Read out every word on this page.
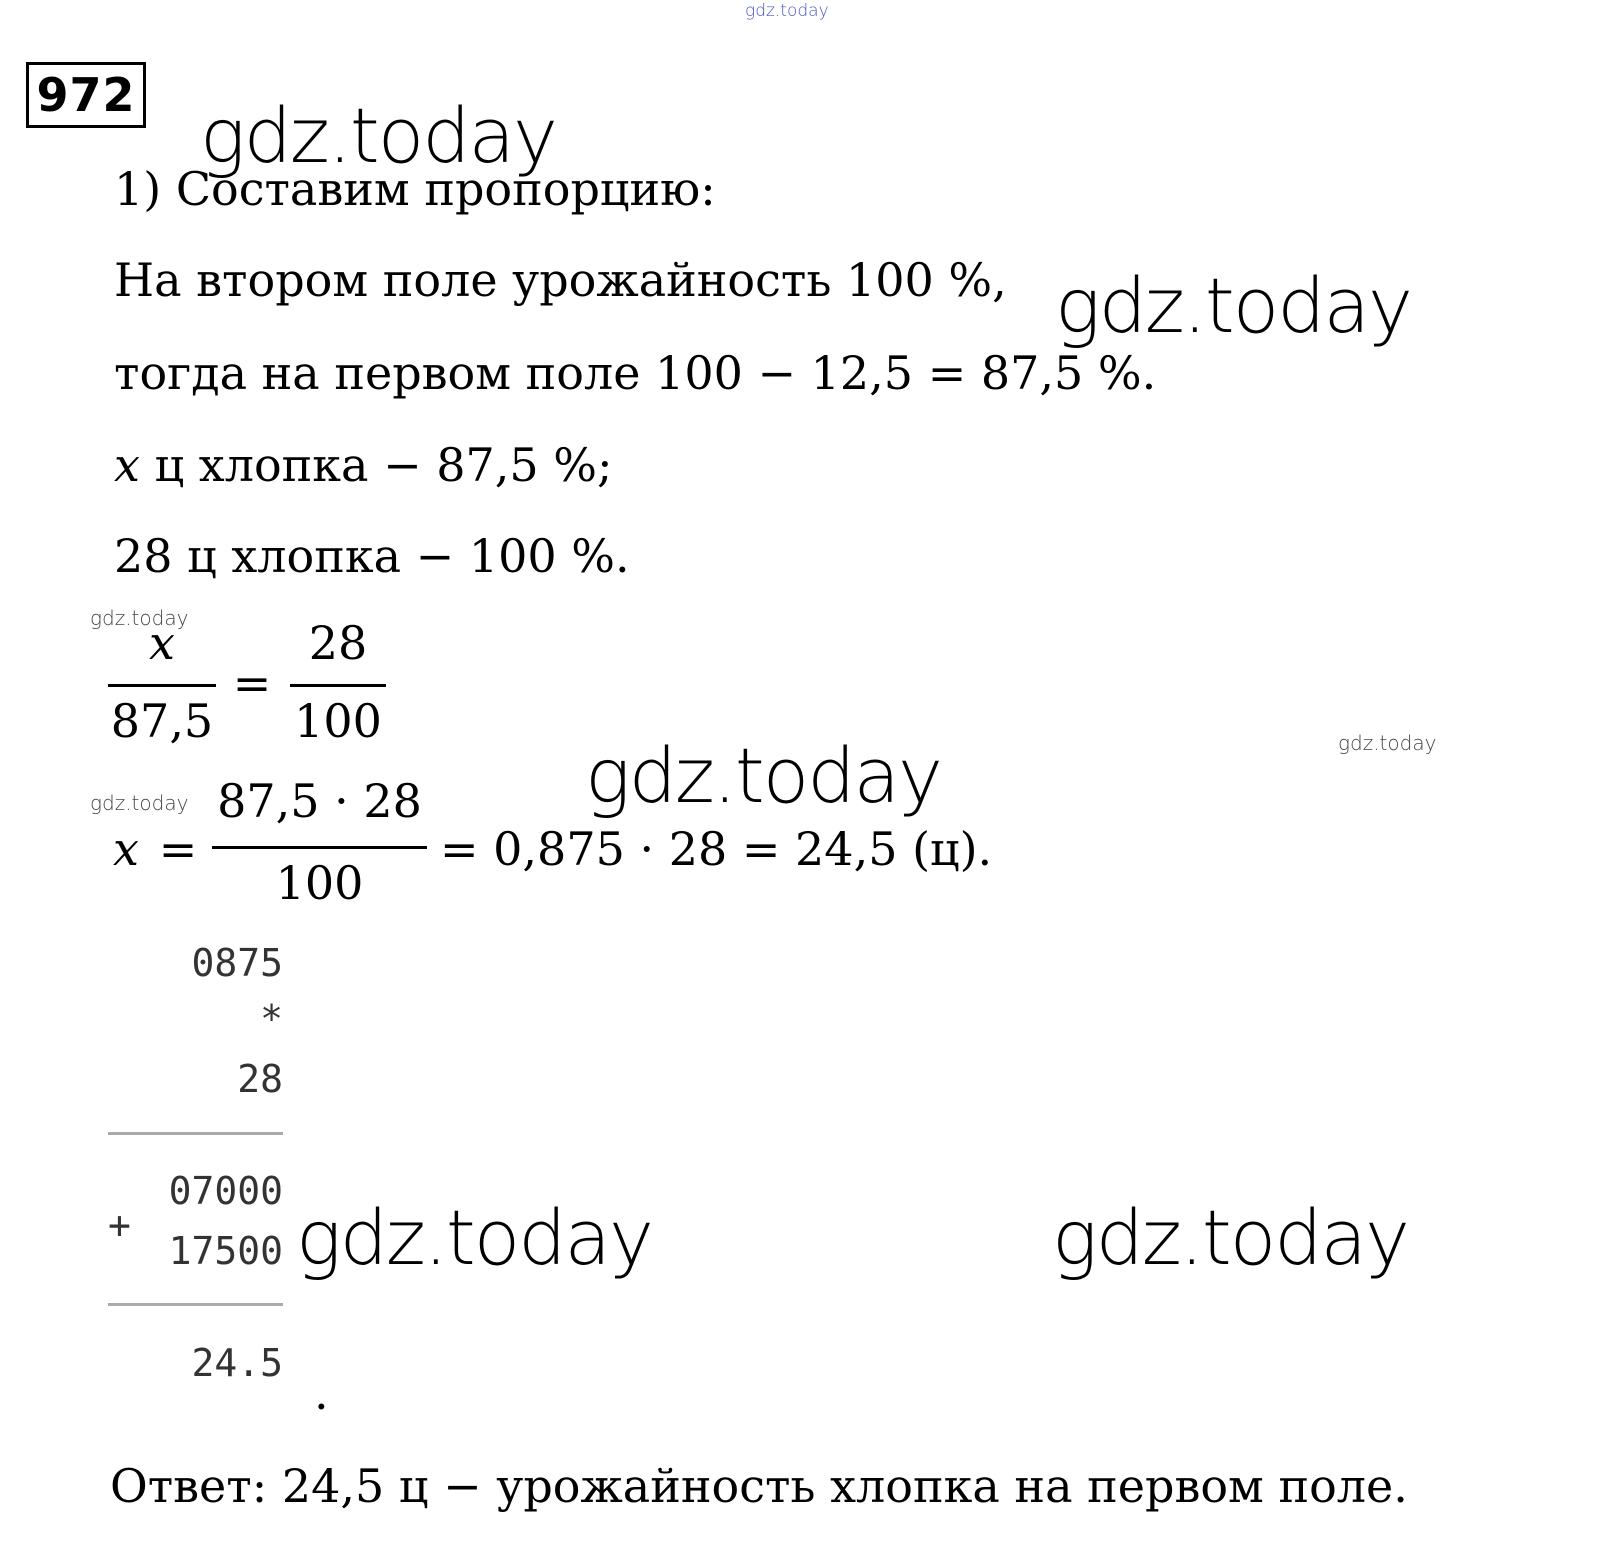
gdz.today
gdz.today
gdz.today
gdz.today
gdz.today	gdz.today
gdz.today
gdz.today
gdz.today
972
1) Составим пропорцию:
На втором поле урожайность 100 %,
тогда на первом поле 100 − 12,5 = 87,5 %.
x ц хлопка − 87,5 %;
28 ц хлопка − 100 %.
x
87,5
=
28
100
x =
87,5 · 28
100
= 0,875 · 28 = 24,5 (ц).
0875
*
28
07000
+
17500
24.5
.
Ответ: 24,5 ц − урожайность хлопка на первом поле.
